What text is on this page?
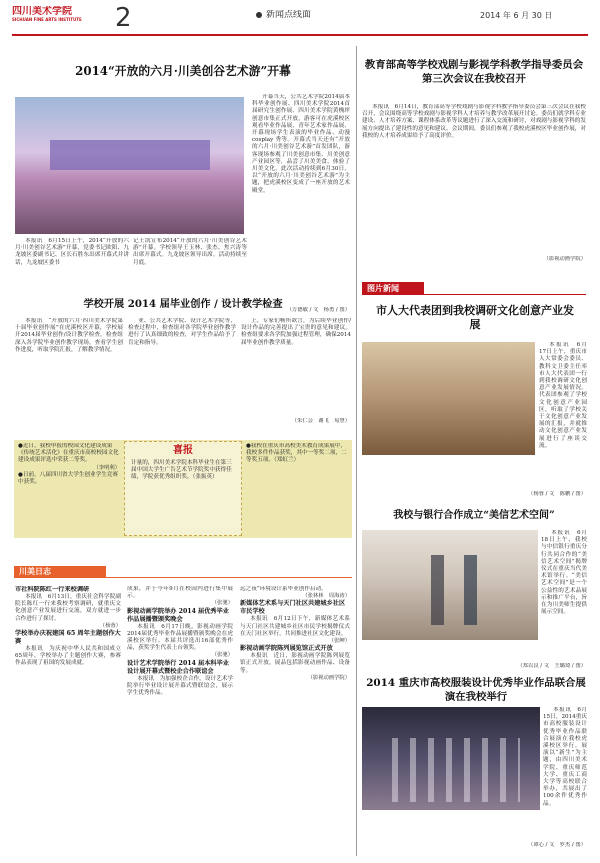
四川美术学院
SICHUAN FINE ARTS INSTITUTE	2	新闻点线面	2014 年 6 月 30 日
2014“开放的六月·川美创谷艺术游”开幕

开幕当天，公共艺术学院2014届本科毕业创作展、四川美术学院2014首届研究生创作展、四川美术学院黄桷坪创意市集正式开放，游客可在虎溪校区观看毕业作品展、青年艺术家作品展、开幕现场学生表演的毕业作品、动漫 cosplay 秀等。开幕式当天还有“开放的六月·川美创谷艺术游”首发团队，游客现场参观了川美创意市集、川美创意产业园区等，品尝了川美美食，体验了川美文化。此次活动持续到6月30日，以“开放的六月·川美创谷艺术游”为主题，把虎溪校区变成了一座开放的艺术殿堂。

本报讯　6月15日上午，2014“开放的六月·川美创谷艺术游”开幕，党委书记欧阳、九龙坡区委副书记、区长石胜东出席开幕式并讲话，九龙坡区委书

记王凯宣布2014“开放的六月·川美创谷艺术游”开幕。学校领导王玉林、张杰、焦兴涛等出席开幕式。九龙坡区领导出席。活动持续至月底。

（万德敏 / 文　杨勇 / 图）
学校开展 2014 届毕业创作 / 设计教学检查

本报讯　“开放的六月·四川美术学院第十届毕业创作展”在虎溪校区开幕，学校展开2014届毕业创作/设计教学检查。检查组深入各学院毕业创作教学现场，查看学生创作进度，听取学院汇报，了解教学情况。

业、公共艺术学院、设计艺术学院等，检查过程中，检查组对各学院毕业创作教学进行了认真细致的检查，对学生作品给予了肯定和指导。

上，专家们畅所欲言，为后续毕业创作/设计作品的完善提出了宝贵的意见和建议。检查组要求各学院加强过程管理，确保2014届毕业创作教学质量。

（朱仁会　谢飞　易慧）
●近日，我校申报的校园文化建设成果《传统艺术活化》在重庆市高校校园文化建设成果评选中荣获二等奖。
（李明利）
●日前，八届四川省大学生创业学生竞赛中获奖。
喜报
计量的，四川美术学院本科毕业生在第三届中国大学生广告艺术节学院奖中获得佳绩，学院获优秀组织奖。（张振英）
●我校在重庆市高校美术教育成果展中，我校多件作品获奖，其中一等奖二项，二等奖五项。（郑虹兰）
川美日志
市社科院陈红一行来校调研

本报讯　6月13日，重庆社会科学院副院长陈红一行来我校考察调研，就重庆文化创意产业发展进行交流，双方就进一步合作进行了探讨。

（杨蓉）
学校举办庆祝建国 65 周年主题创作大赛

本报讯　为庆祝中华人民共和国成立65周年，学校举办了主题创作大赛，参赛作品表现了祖国的发展成就。

成果，并于今年9月在校园内进行集中展示。

（张驰）
影视动画学院举办 2014 届优秀毕业作品展播暨颁奖晚会

本报讯　6月17日晚，影视动画学院2014届优秀毕业作品展播暨颁奖晚会在虎溪校区举行。本届共评选出16部优秀作品，获奖学生代表上台领奖。

（张驰）
设计艺术学院举行 2014 届本科毕业设计展开幕式暨校企合作联谊会

本报讯　为加强校企合作，设计艺术学院举行毕业设计展开幕式暨联谊会，展示学生优秀作品。

远之夜”环境设计系毕业创作启动。

（张林林　周海涛）
新媒体艺术系与天门社区共建城乡社区市民学校

本报讯　6月12日下午，新媒体艺术系与天门社区共建城乡社区市民学校揭牌仪式在天门社区举行，共同推进社区文化建设。

（张岬）
影视动画学院陈列展览馆正式开放

本报讯　近日，影视动画学院陈列展览馆正式开放，展品包括影视动画作品、设备等。

（影视动画学院）
教育部高等学校戏剧与影视学科教学指导委员会第三次会议在我校召开

本报讯　6月14日，教育部高等学校戏剧与影视学科教学指导委员会第三次会议在我校召开，会议围绕高等学校戏剧与影视学科人才培养与教学改革展开讨论。委员们就学科专业建设、人才培养方案、课程体系改革等议题进行了深入交流和研讨，对戏剧与影视学科的发展方向提出了建设性的意见和建议。会议期间，委员们参观了我校虎溪校区毕业创作展，对我校的人才培养成果给予了高度评价。

（影视动画学院）
图片新闻
市人大代表团到我校调研文化创意产业发展

本报讯　6月17日上午，重庆市人大常委会委员、教科文卫委主任率市人大代表团一行到我校调研文化创意产业发展情况。代表团参观了学校文化创意产业园区，听取了学校关于文化创意产业发展的汇报，并就推动文化创意产业发展进行了座谈交流。

（杨蓉 / 文　陈鹏 / 图）
我校与银行合作成立“美信艺术空间”

本报讯　6月18日上午，我校与中信银行重庆分行共同合作的“美信艺术空间”揭牌仪式在重庆当代美术馆举行。“美信艺术空间”是一个公益性的艺术品展示和推广平台，旨在为川美师生提供展示空间。

（郑以良 / 文　王璐琦 / 图）
2014 重庆市高校服装设计优秀毕业作品联合展演在我校举行

本报讯　6月15日，2014重庆市高校服装设计优秀毕业作品联合展演在我校虎溪校区举行。展演以“新生”为主题，由四川美术学院、重庆师范大学、重庆工商大学等高校联合举办，共展出了100余件优秀作品。

（谭心 / 文　罗杰 / 图）
